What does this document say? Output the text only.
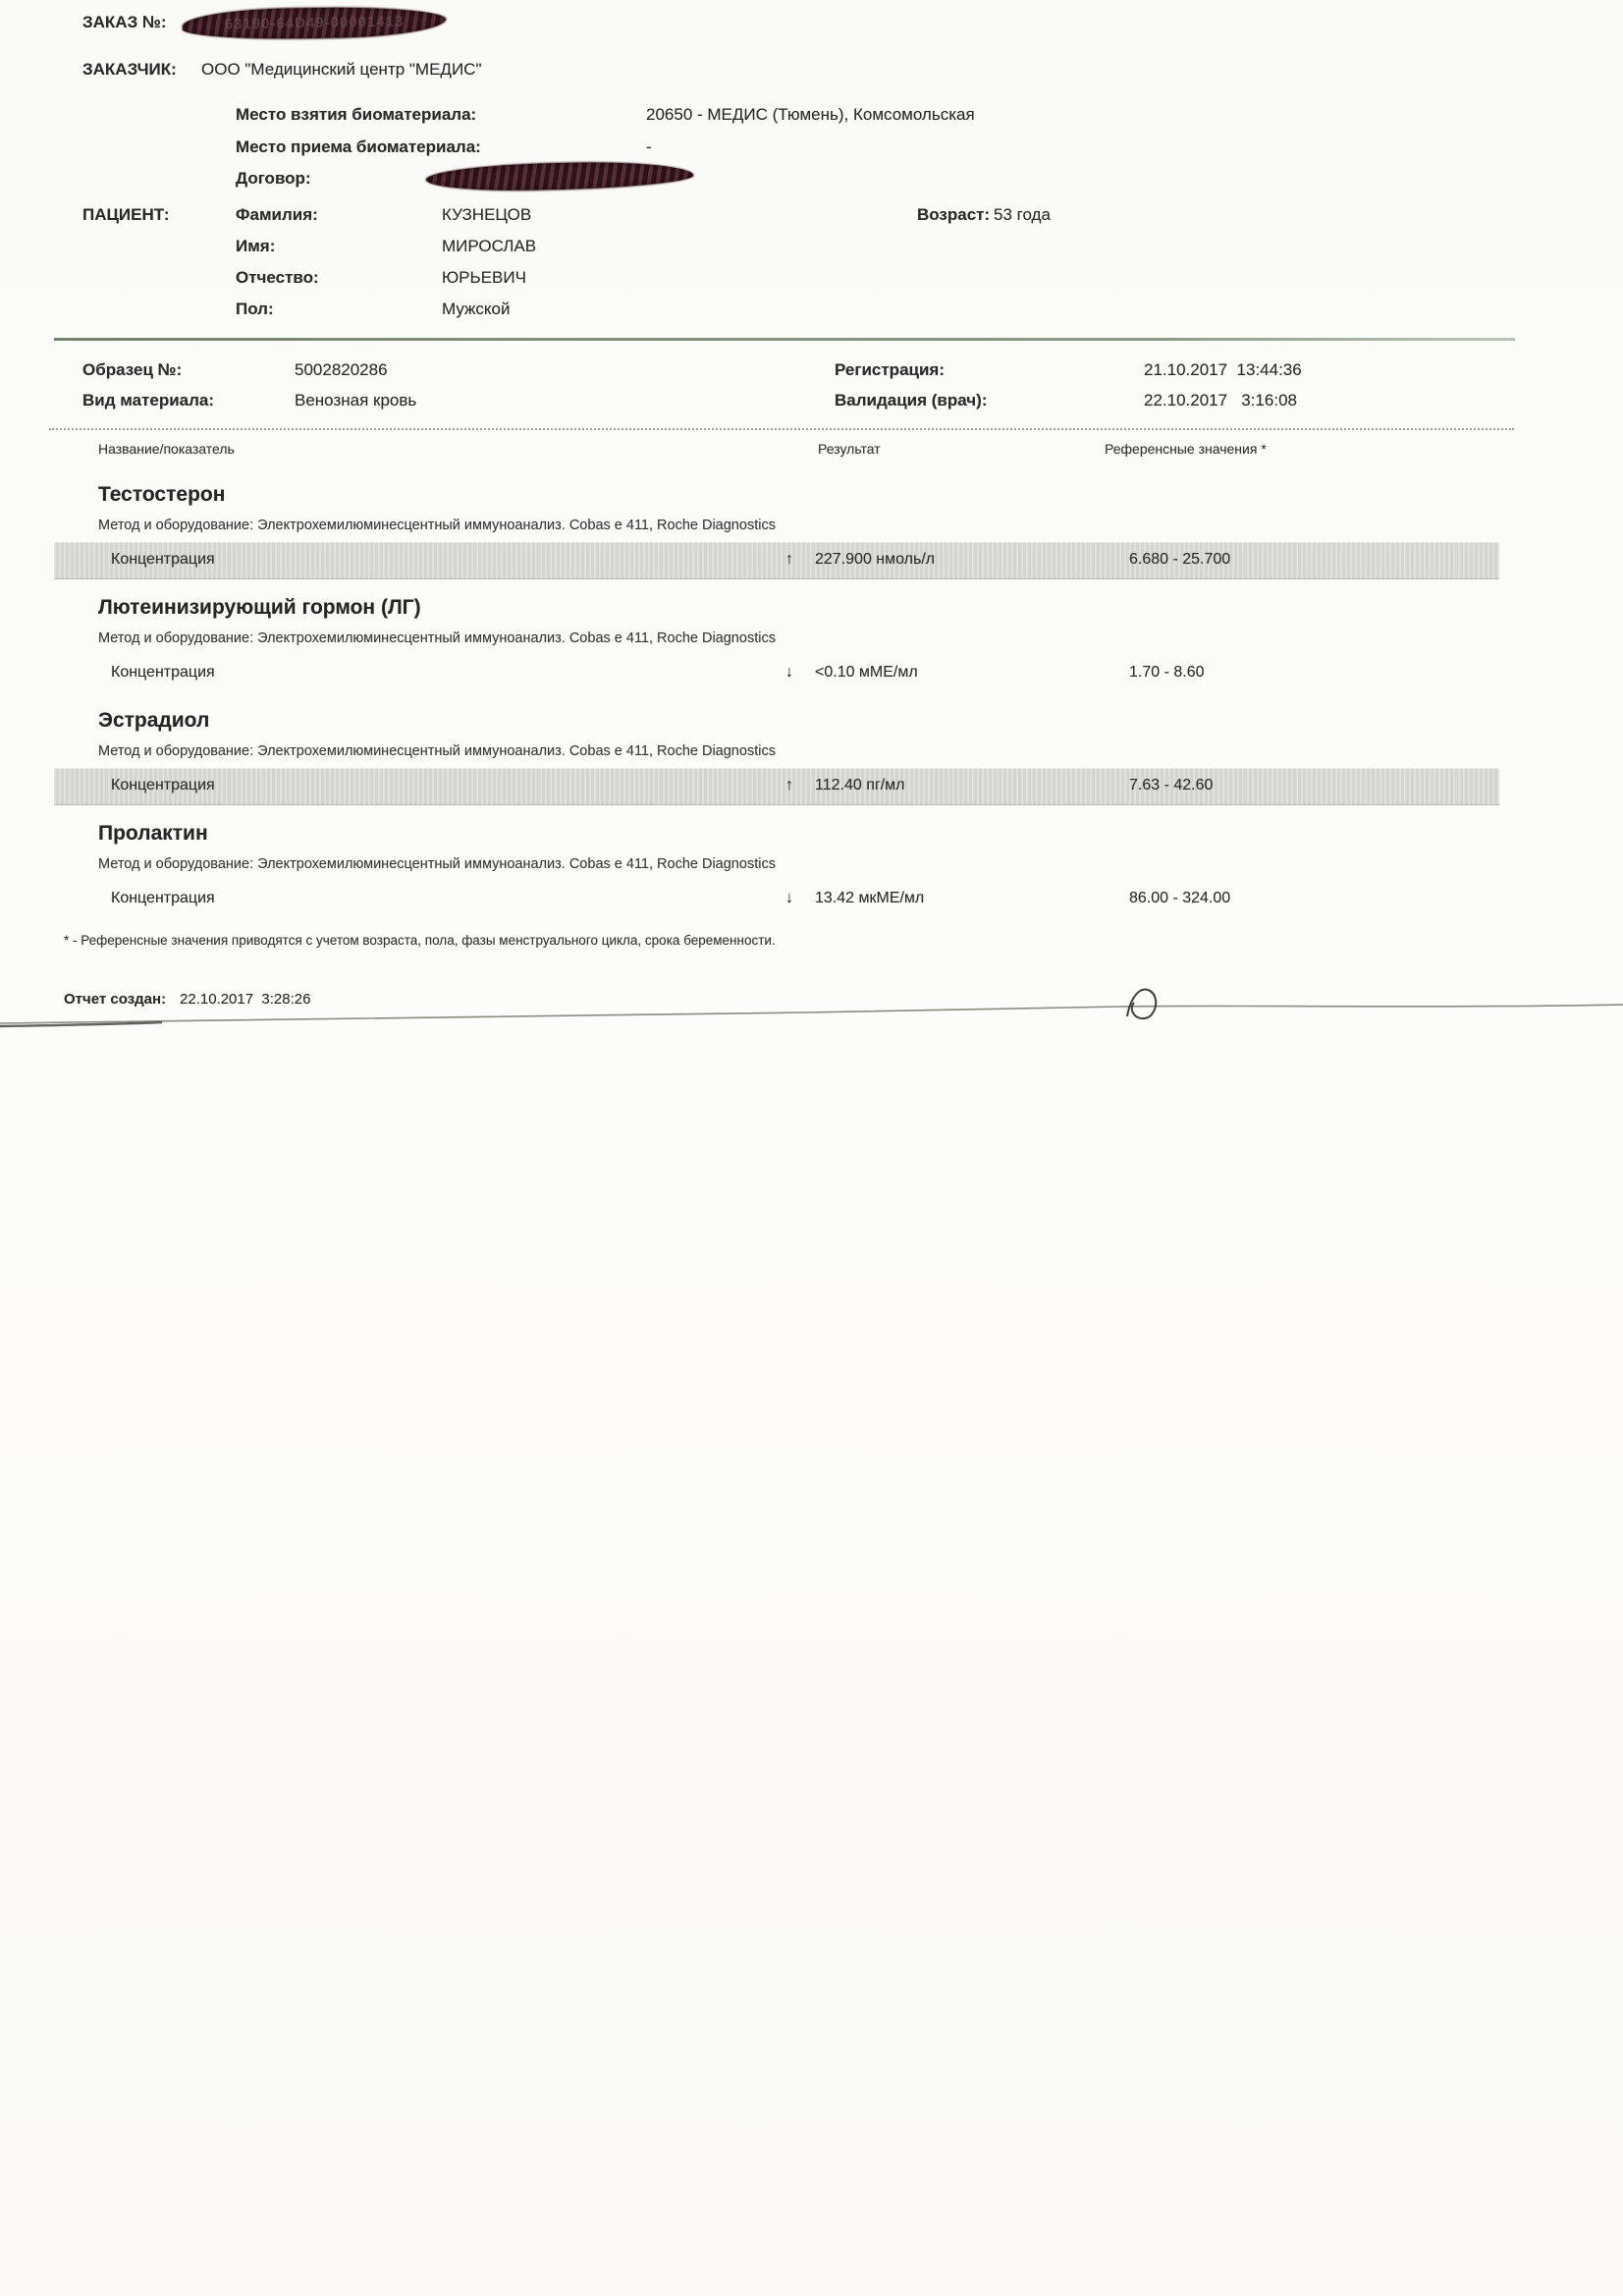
ЗАКАЗ №:	63190-64D49-00001413
ЗАКАЗЧИК: ООО "Медицинский центр "МЕДИС"
Место взятия биоматериала:	20650 - МЕДИС (Тюмень), Комсомольская
Место приема биоматериала:	-
Договор:
ПАЦИЕНТ:	Фамилия:	КУЗНЕЦОВ	Возраст: 53 года
Имя:	МИРОСЛАВ
Отчество:	ЮРЬЕВИЧ
Пол:	Мужской
Образец №:	5002820286	Регистрация:	21.10.2017  13:44:36
Вид материала:	Венозная кровь	Валидация (врач):	22.10.2017   3:16:08
Название/показатель	Результат	Референсные значения *
Тестостерон
Метод и оборудование: Электрохемилюминесцентный иммуноанализ. Cobas e 411, Roche Diagnostics
Концентрация	↑ 227.900 нмоль/л	6.680 - 25.700
Лютеинизирующий гормон (ЛГ)
Метод и оборудование: Электрохемилюминесцентный иммуноанализ. Cobas e 411, Roche Diagnostics
Концентрация	↓ <0.10 мМЕ/мл	1.70 - 8.60
Эстрадиол
Метод и оборудование: Электрохемилюминесцентный иммуноанализ. Cobas e 411, Roche Diagnostics
Концентрация	↑ 112.40 пг/мл	7.63 - 42.60
Пролактин
Метод и оборудование: Электрохемилюминесцентный иммуноанализ. Cobas e 411, Roche Diagnostics
Концентрация	↓ 13.42 мкМЕ/мл	86.00 - 324.00
* - Референсные значения приводятся с учетом возраста, пола, фазы менструального цикла, срока беременности.
Отчет создан: 22.10.2017  3:28:26
